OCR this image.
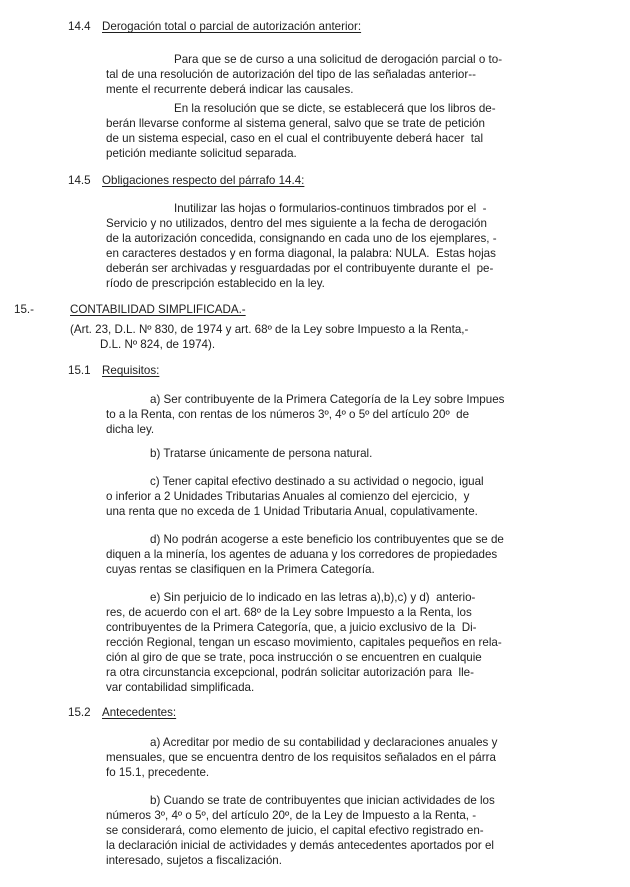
14.4 Derogación total o parcial de autorización anterior:
Para que se de curso a una solicitud de derogación parcial o to-
tal de una resolución de autorización del tipo de las señaladas anterior--
mente el recurrente deberá indicar las causales.
En la resolución que se dicte, se establecerá que los libros de-
berán llevarse conforme al sistema general, salvo que se trate de petición
de un sistema especial, caso en el cual el contribuyente deberá hacer  tal
petición mediante solicitud separada.
14.5 Obligaciones respecto del párrafo 14.4:
Inutilizar las hojas o formularios-continuos timbrados por el  -
Servicio y no utilizados, dentro del mes siguiente a la fecha de derogación
de la autorización concedida, consignando en cada uno de los ejemplares, -
en caracteres destados y en forma diagonal, la palabra: NULA.  Estas hojas
deberán ser archivadas y resguardadas por el contribuyente durante el  pe-
ríodo de prescripción establecido en la ley.
15.-	CONTABILIDAD SIMPLIFICADA.-
(Art. 23, D.L. Nº 830, de 1974 y art. 68º de la Ley sobre Impuesto a la Renta,-
D.L. Nº 824, de 1974).
15.1 Requisitos:
a) Ser contribuyente de la Primera Categoría de la Ley sobre Impues
to a la Renta, con rentas de los números 3º, 4º o 5º del artículo 20º  de
dicha ley.
b) Tratarse únicamente de persona natural.
c) Tener capital efectivo destinado a su actividad o negocio, igual
o inferior a 2 Unidades Tributarias Anuales al comienzo del ejercicio,  y
una renta que no exceda de 1 Unidad Tributaria Anual, copulativamente.
d) No podrán acogerse a este beneficio los contribuyentes que se de
diquen a la minería, los agentes de aduana y los corredores de propiedades
cuyas rentas se clasifiquen en la Primera Categoría.
e) Sin perjuicio de lo indicado en las letras a),b),c) y d)  anterio-
res, de acuerdo con el art. 68º de la Ley sobre Impuesto a la Renta, los
contribuyentes de la Primera Categoría, que, a juicio exclusivo de la  Di-
rección Regional, tengan un escaso movimiento, capitales pequeños en rela-
ción al giro de que se trate, poca instrucción o se encuentren en cualquie
ra otra circunstancia excepcional, podrán solicitar autorización para  lle-
var contabilidad simplificada.
15.2 Antecedentes:
a) Acreditar por medio de su contabilidad y declaraciones anuales y
mensuales, que se encuentra dentro de los requisitos señalados en el párra
fo 15.1, precedente.
b) Cuando se trate de contribuyentes que inician actividades de los
números 3º, 4º o 5º, del artículo 20º, de la Ley de Impuesto a la Renta, -
se considerará, como elemento de juicio, el capital efectivo registrado en-
la declaración inicial de actividades y demás antecedentes aportados por el
interesado, sujetos a fiscalización.
